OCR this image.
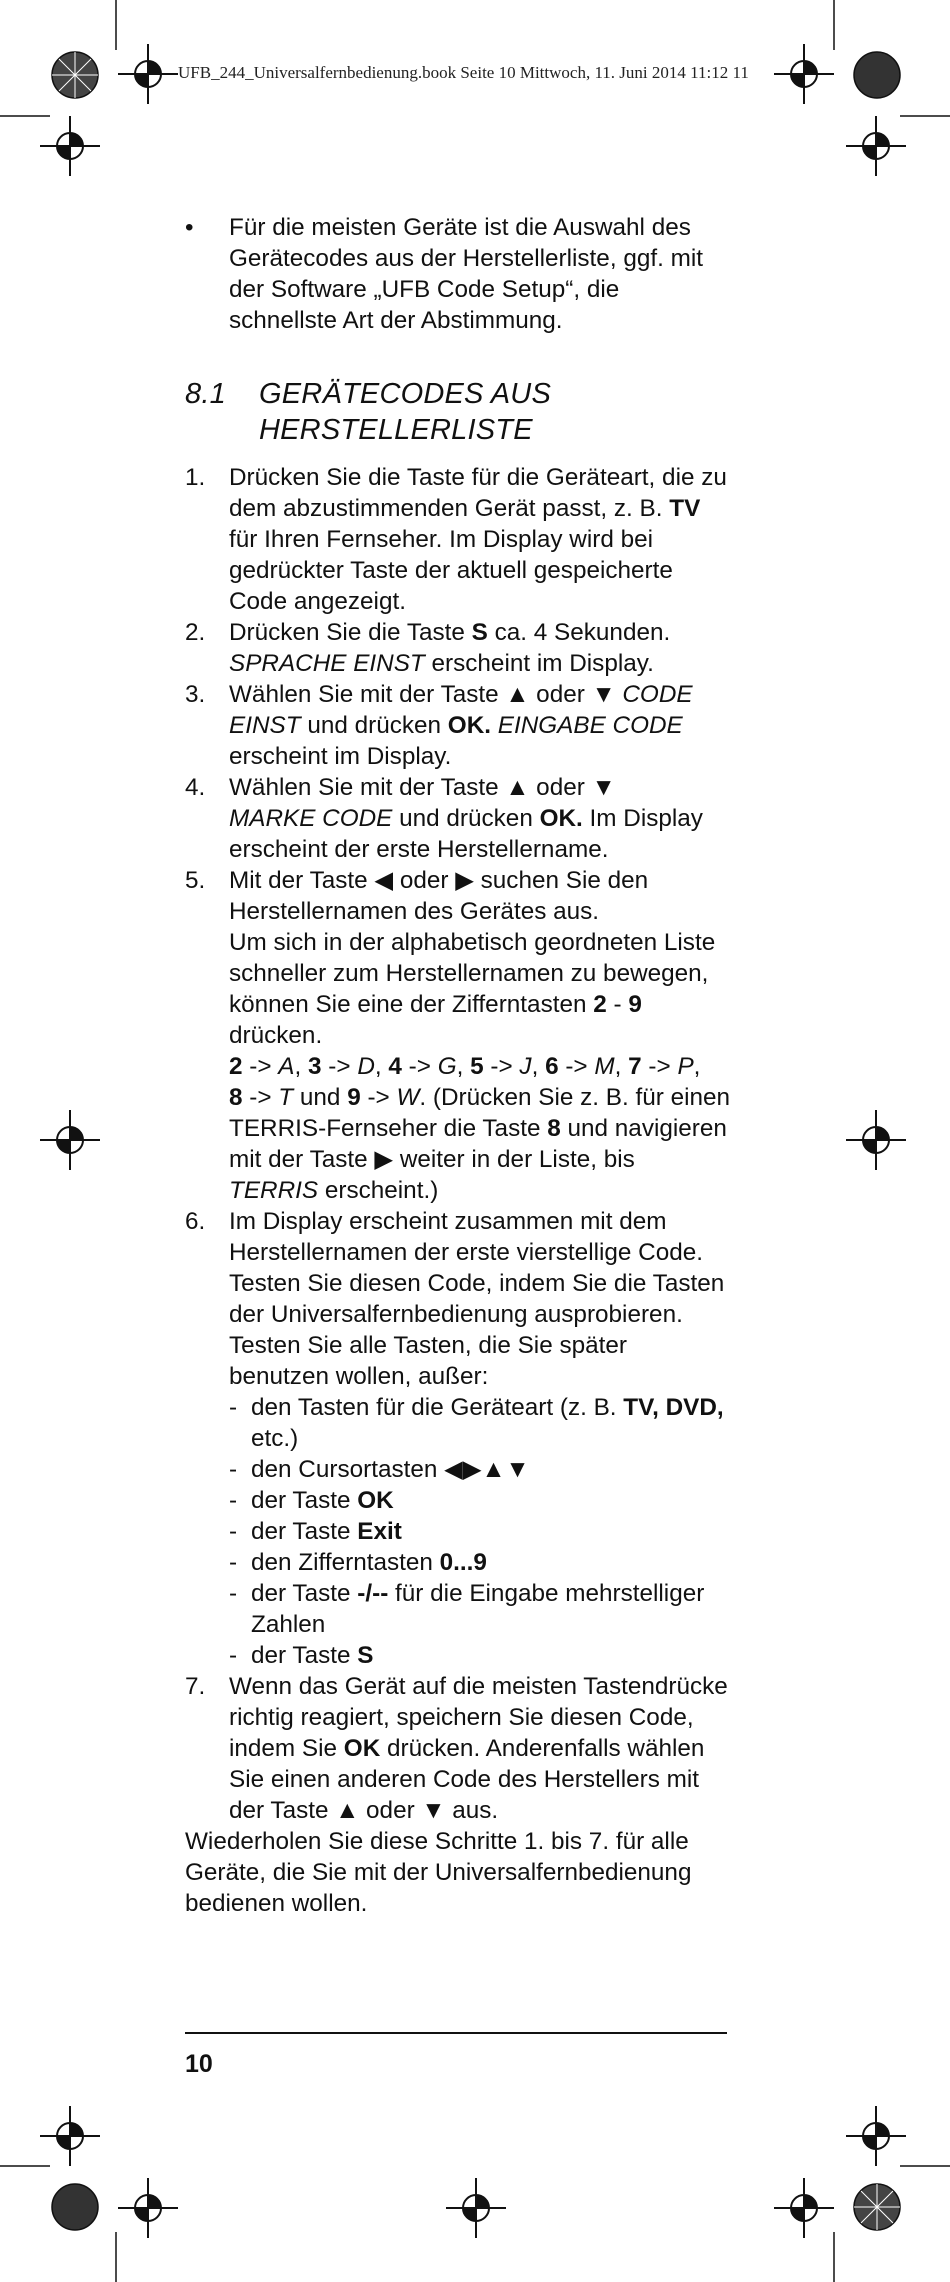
UFB_244_Universalfernbedienung.book Seite 10 Mittwoch, 11. Juni 2014 11:12 11
•	Für die meisten Geräte ist die Auswahl des Gerätecodes aus der Herstellerliste, ggf. mit der Software „UFB Code Setup“, die schnellste Art der Abstimmung.
8.1	GERÄTECODES AUS HERSTELLERLISTE
1. Drücken Sie die Taste für die Geräteart, die zu dem abzustimmenden Gerät passt, z. B. TV für Ihren Fernseher. Im Display wird bei gedrückter Taste der aktuell gespeicherte Code angezeigt.
2. Drücken Sie die Taste S ca. 4 Sekunden.
SPRACHE EINST erscheint im Display.
3. Wählen Sie mit der Taste ▲ oder ▼ CODE EINST und drücken OK. EINGABE CODE erscheint im Display.
4. Wählen Sie mit der Taste ▲ oder ▼
MARKE CODE und drücken OK. Im Display erscheint der erste Herstellername.
5. Mit der Taste ◀ oder ▶ suchen Sie den Herstellernamen des Gerätes aus.
Um sich in der alphabetisch geordneten Liste schneller zum Herstellernamen zu bewegen, können Sie eine der Zifferntasten 2 - 9 drücken.
2 -> A, 3 -> D, 4 -> G, 5 -> J, 6 -> M, 7 -> P,
8 -> T und 9 -> W. (Drücken Sie z. B. für einen TERRIS-Fernseher die Taste 8 und navigieren mit der Taste ▶ weiter in der Liste, bis TERRIS erscheint.)
6. Im Display erscheint zusammen mit dem Herstellernamen der erste vierstellige Code. Testen Sie diesen Code, indem Sie die Tasten der Universalfernbedienung ausprobieren. Testen Sie alle Tasten, die Sie später benutzen wollen, außer:
- den Tasten für die Geräteart (z. B. TV, DVD, etc.)
- den Cursortasten ◀▶▲▼
- der Taste OK
- der Taste Exit
- den Zifferntasten 0...9
- der Taste -/-- für die Eingabe mehrstelliger Zahlen
- der Taste S
7. Wenn das Gerät auf die meisten Tastendrücke richtig reagiert, speichern Sie diesen Code, indem Sie OK drücken. Anderenfalls wählen Sie einen anderen Code des Herstellers mit der Taste ▲ oder ▼ aus.
Wiederholen Sie diese Schritte 1. bis 7. für alle Geräte, die Sie mit der Universalfernbedienung bedienen wollen.
10
